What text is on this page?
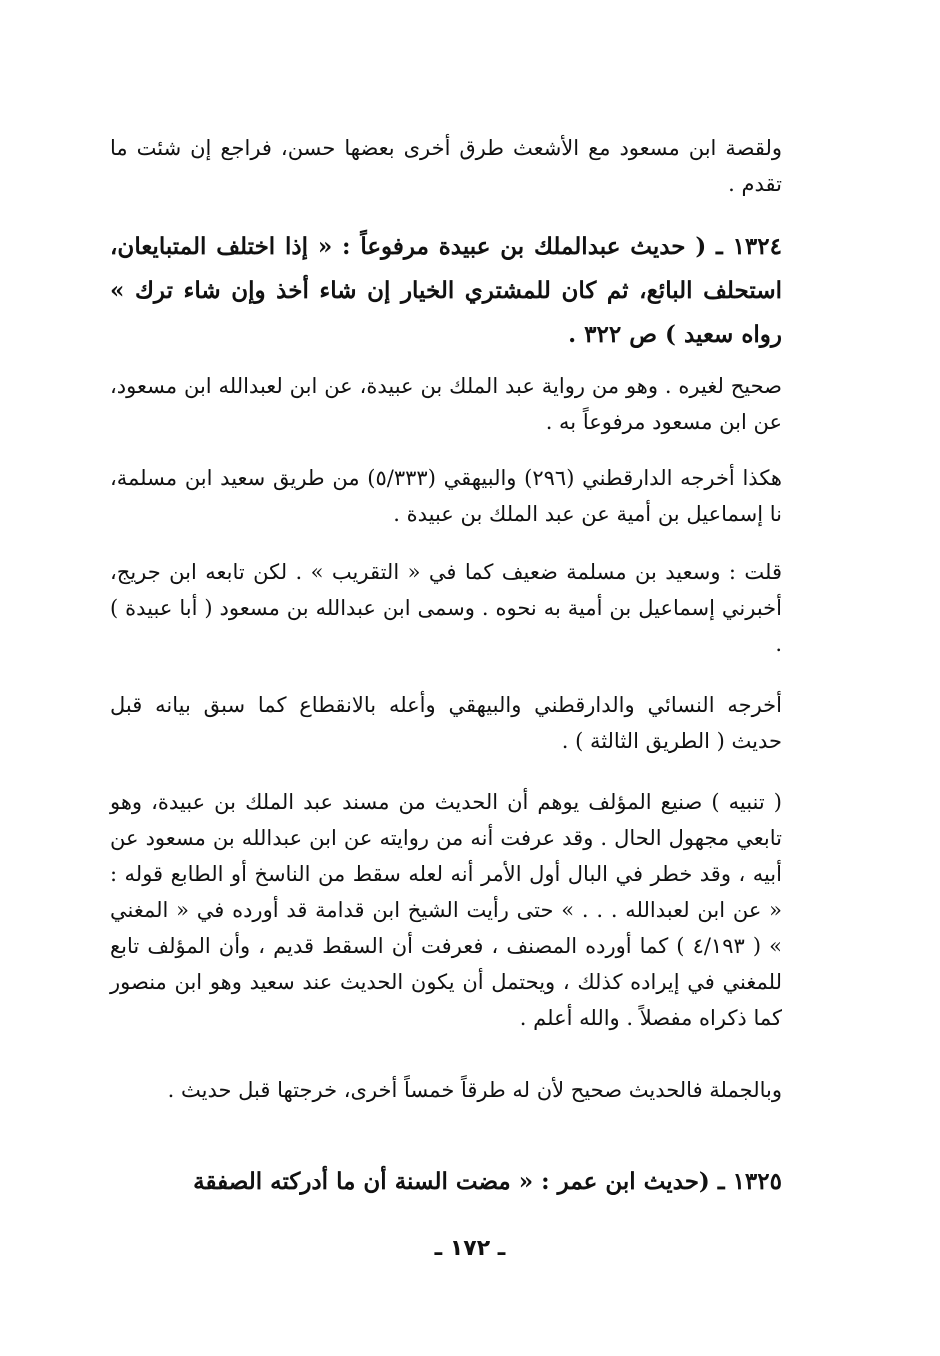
ولقصة ابن مسعود مع الأشعث طرق أخرى بعضها حسن، فراجع إن شئت ما تقدم .

١٣٢٤ ـ ( حديث عبدالملك بن عبيدة مرفوعاً : « إذا اختلف المتبايعان، استحلف البائع، ثم كان للمشتري الخيار إن شاء أخذ وإن شاء ترك » رواه سعيد ) ص ٣٢٢ .

صحيح لغيره . وهو من رواية عبد الملك بن عبيدة، عن ابن لعبدالله ابن مسعود، عن ابن مسعود مرفوعاً به .

هكذا أخرجه الدارقطني (٢٩٦) والبيهقي (٥/٣٣٣) من طريق سعيد ابن مسلمة، نا إسماعيل بن أمية عن عبد الملك بن عبيدة .

قلت : وسعيد بن مسلمة ضعيف كما في « التقريب » . لكن تابعه ابن جريج، أخبرني إسماعيل بن أمية به نحوه . وسمى ابن عبدالله بن مسعود ( أبا عبيدة ) .

أخرجه النسائي والدارقطني والبيهقي وأعله بالانقطاع كما سبق بيانه قبل حديث ( الطريق الثالثة ) .

( تنبيه ) صنيع المؤلف يوهم أن الحديث من مسند عبد الملك بن عبيدة، وهو تابعي مجهول الحال . وقد عرفت أنه من روايته عن ابن عبدالله بن مسعود عن أبيه ، وقد خطر في البال أول الأمر أنه لعله سقط من الناسخ أو الطابع قوله : « عن ابن لعبدالله . . . » حتى رأيت الشيخ ابن قدامة قد أورده في « المغني » ( ٤/١٩٣ ) كما أورده المصنف ، فعرفت أن السقط قديم ، وأن المؤلف تابع للمغني في إيراده كذلك ، ويحتمل أن يكون الحديث عند سعيد وهو ابن منصور كما ذكراه مفصلاً . والله أعلم .

وبالجملة فالحديث صحيح لأن له طرقاً خمساً أخرى، خرجتها قبل حديث .

١٣٢٥ ـ (حديث ابن عمر : « مضت السنة أن ما أدركته الصفقة

ـ ١٧٢ ـ
